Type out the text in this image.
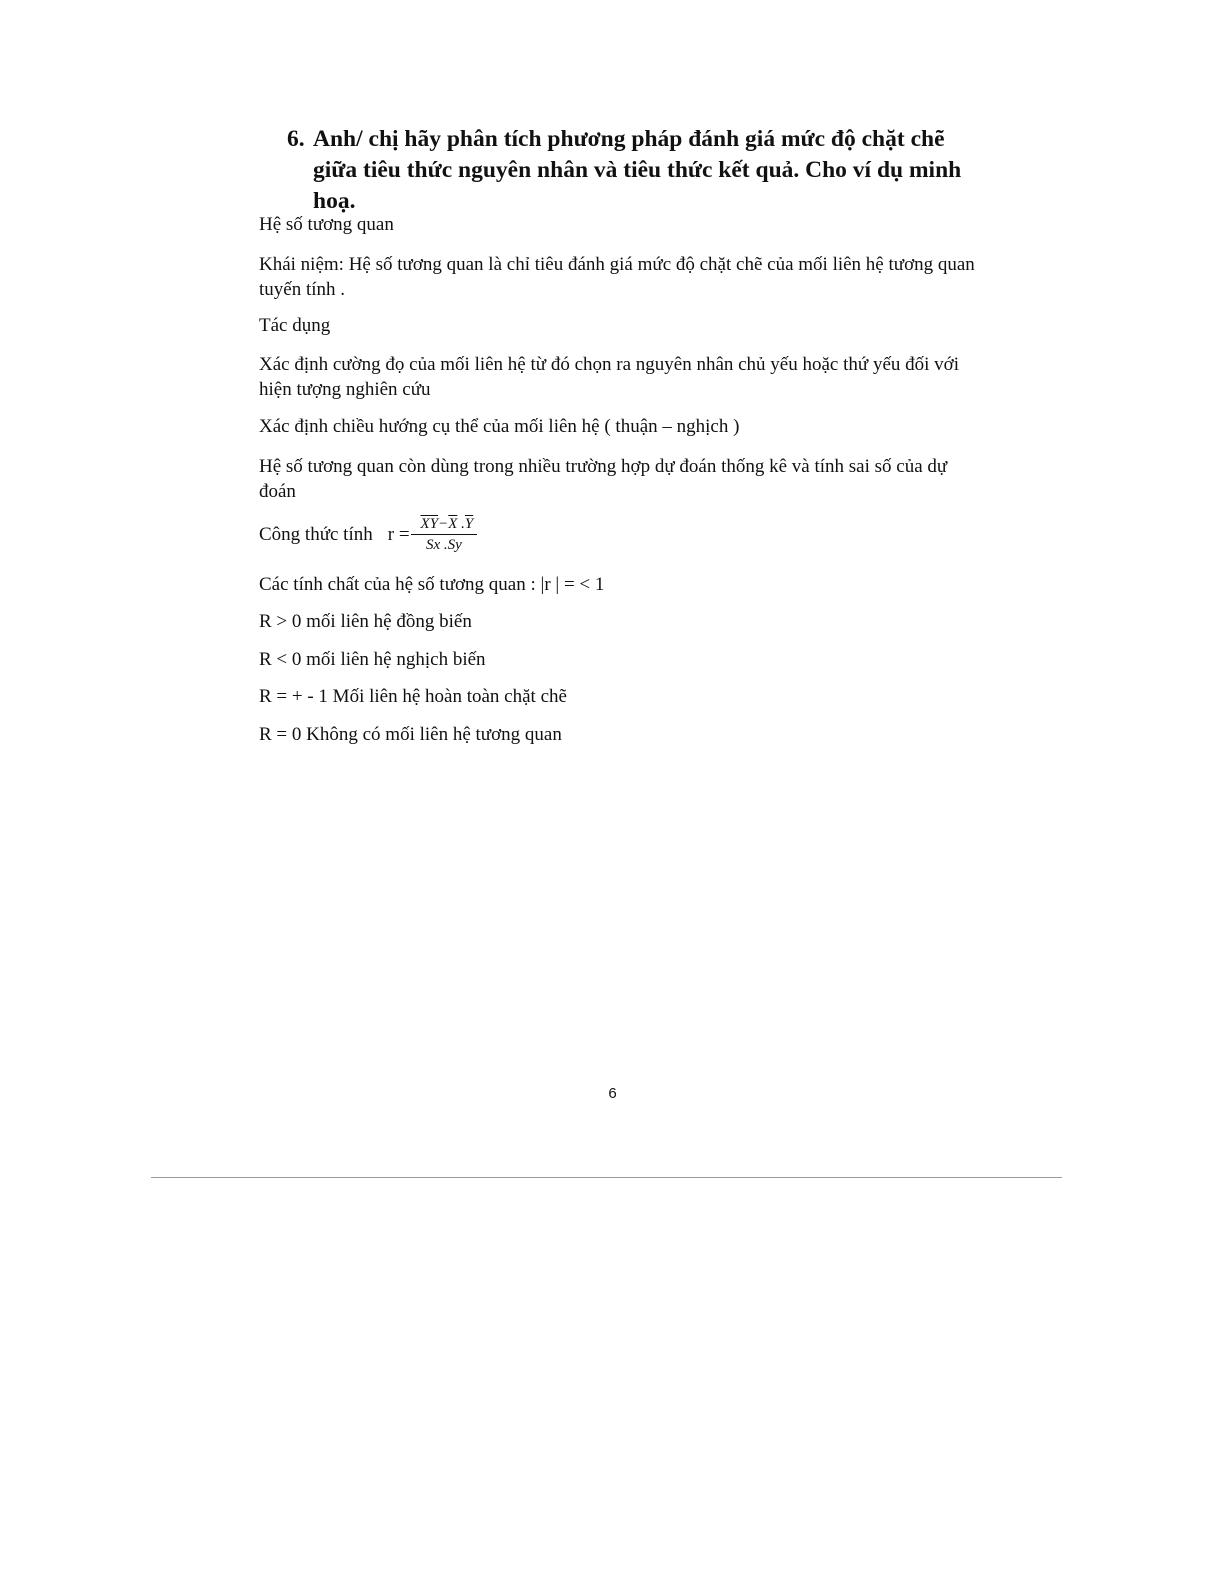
6. Anh/ chị hãy phân tích phương pháp đánh giá mức độ chặt chẽ giữa tiêu thức nguyên nhân và tiêu thức kết quả. Cho ví dụ minh hoạ.

Hệ số tương quan

Khái niệm: Hệ số tương quan là chỉ tiêu đánh giá mức độ chặt chẽ của mối liên hệ tương quan tuyến tính .

Tác dụng

Xác định cường đọ của mối liên hệ từ đó chọn ra nguyên nhân chủ yếu hoặc thứ yếu đối với hiện tượng nghiên cứu

Xác định chiều hướng cụ thể của mối liên hệ ( thuận – nghịch )

Hệ số tương quan còn dùng trong nhiều trường hợp dự đoán thống kê và tính sai số của dự đoán

Công thức tính $r = \frac{\overline{XY}-\overline{X} .\overline{Y}}{Sx .Sy}$

Các tính chất của hệ số tương quan : |r | = < 1

R > 0 mối liên hệ đồng biến

R < 0 mối liên hệ nghịch biến

R = + - 1 Mối liên hệ hoàn toàn chặt chẽ

R = 0 Không có mối liên hệ tương quan

6
